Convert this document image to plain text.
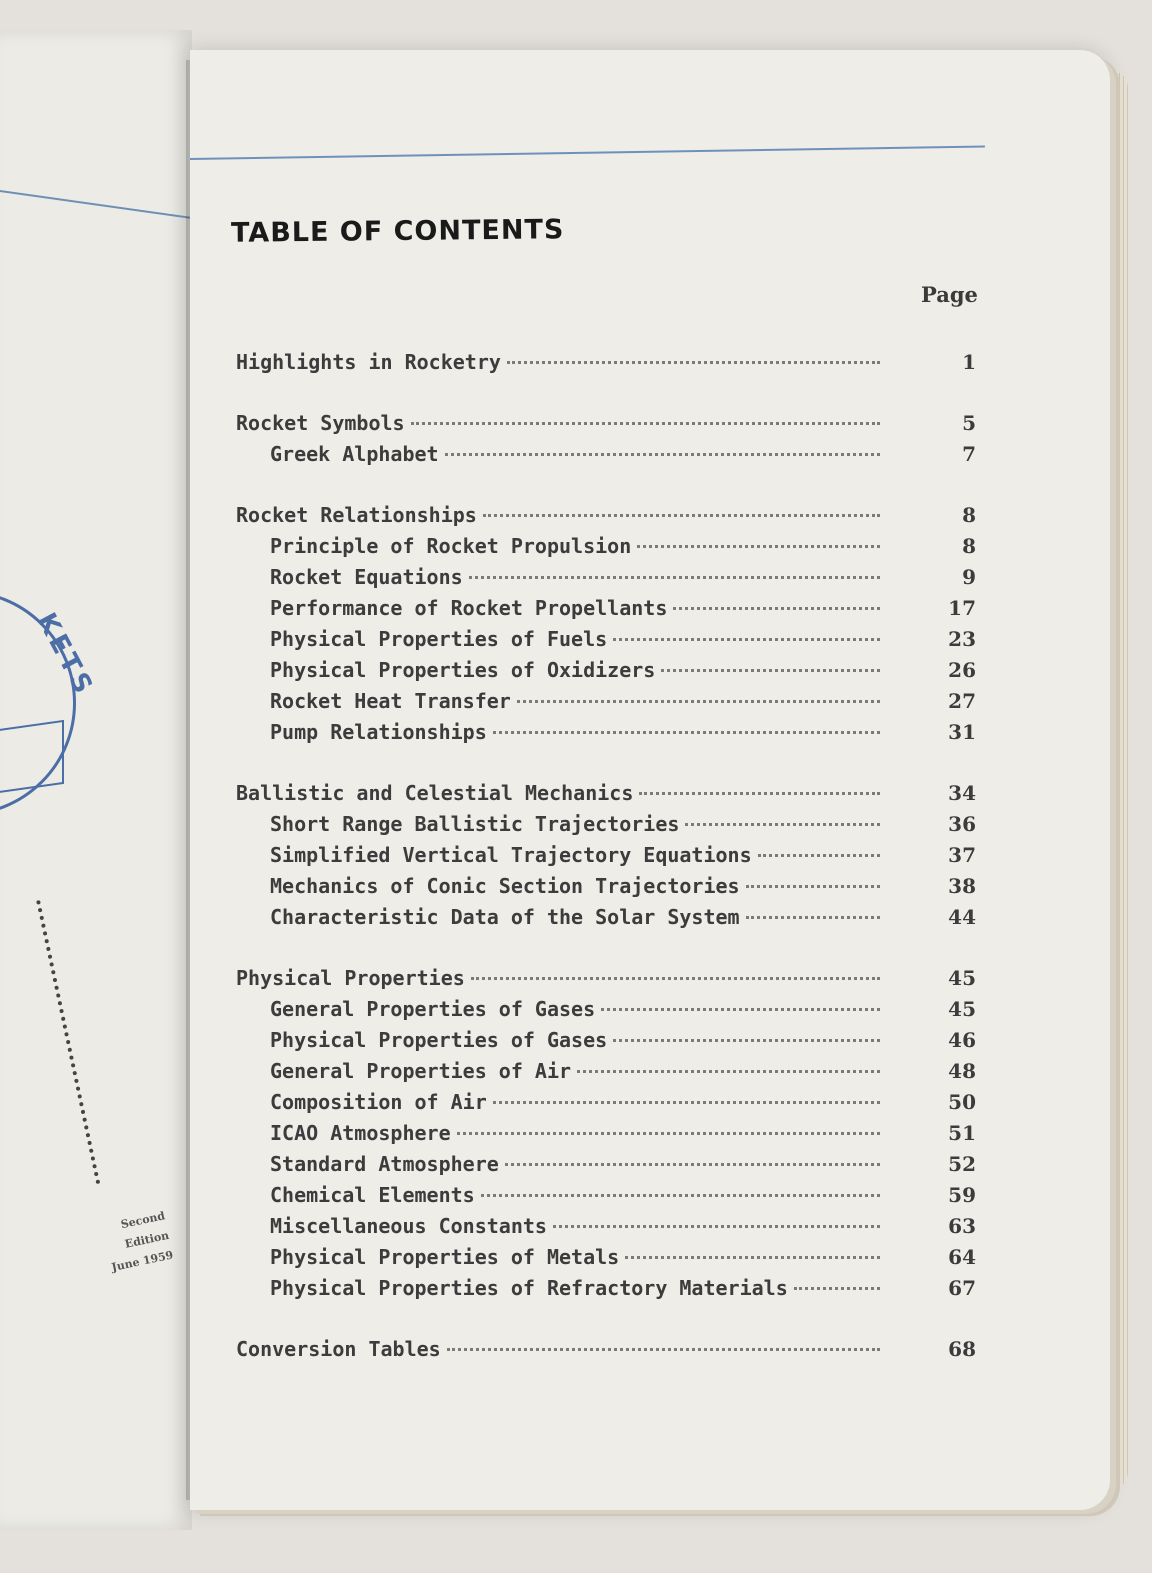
KETS
Second Edition
June 1959
TABLE OF CONTENTS
Page
Highlights in Rocketry	1
Rocket Symbols	5
Greek Alphabet	7
Rocket Relationships	8
Principle of Rocket Propulsion	8
Rocket Equations	9
Performance of Rocket Propellants	17
Physical Properties of Fuels	23
Physical Properties of Oxidizers	26
Rocket Heat Transfer	27
Pump Relationships	31
Ballistic and Celestial Mechanics	34
Short Range Ballistic Trajectories	36
Simplified Vertical Trajectory Equations	37
Mechanics of Conic Section Trajectories	38
Characteristic Data of the Solar System	44
Physical Properties	45
General Properties of Gases	45
Physical Properties of Gases	46
General Properties of Air	48
Composition of Air	50
ICAO Atmosphere	51
Standard Atmosphere	52
Chemical Elements	59
Miscellaneous Constants	63
Physical Properties of Metals	64
Physical Properties of Refractory Materials	67
Conversion Tables	68
